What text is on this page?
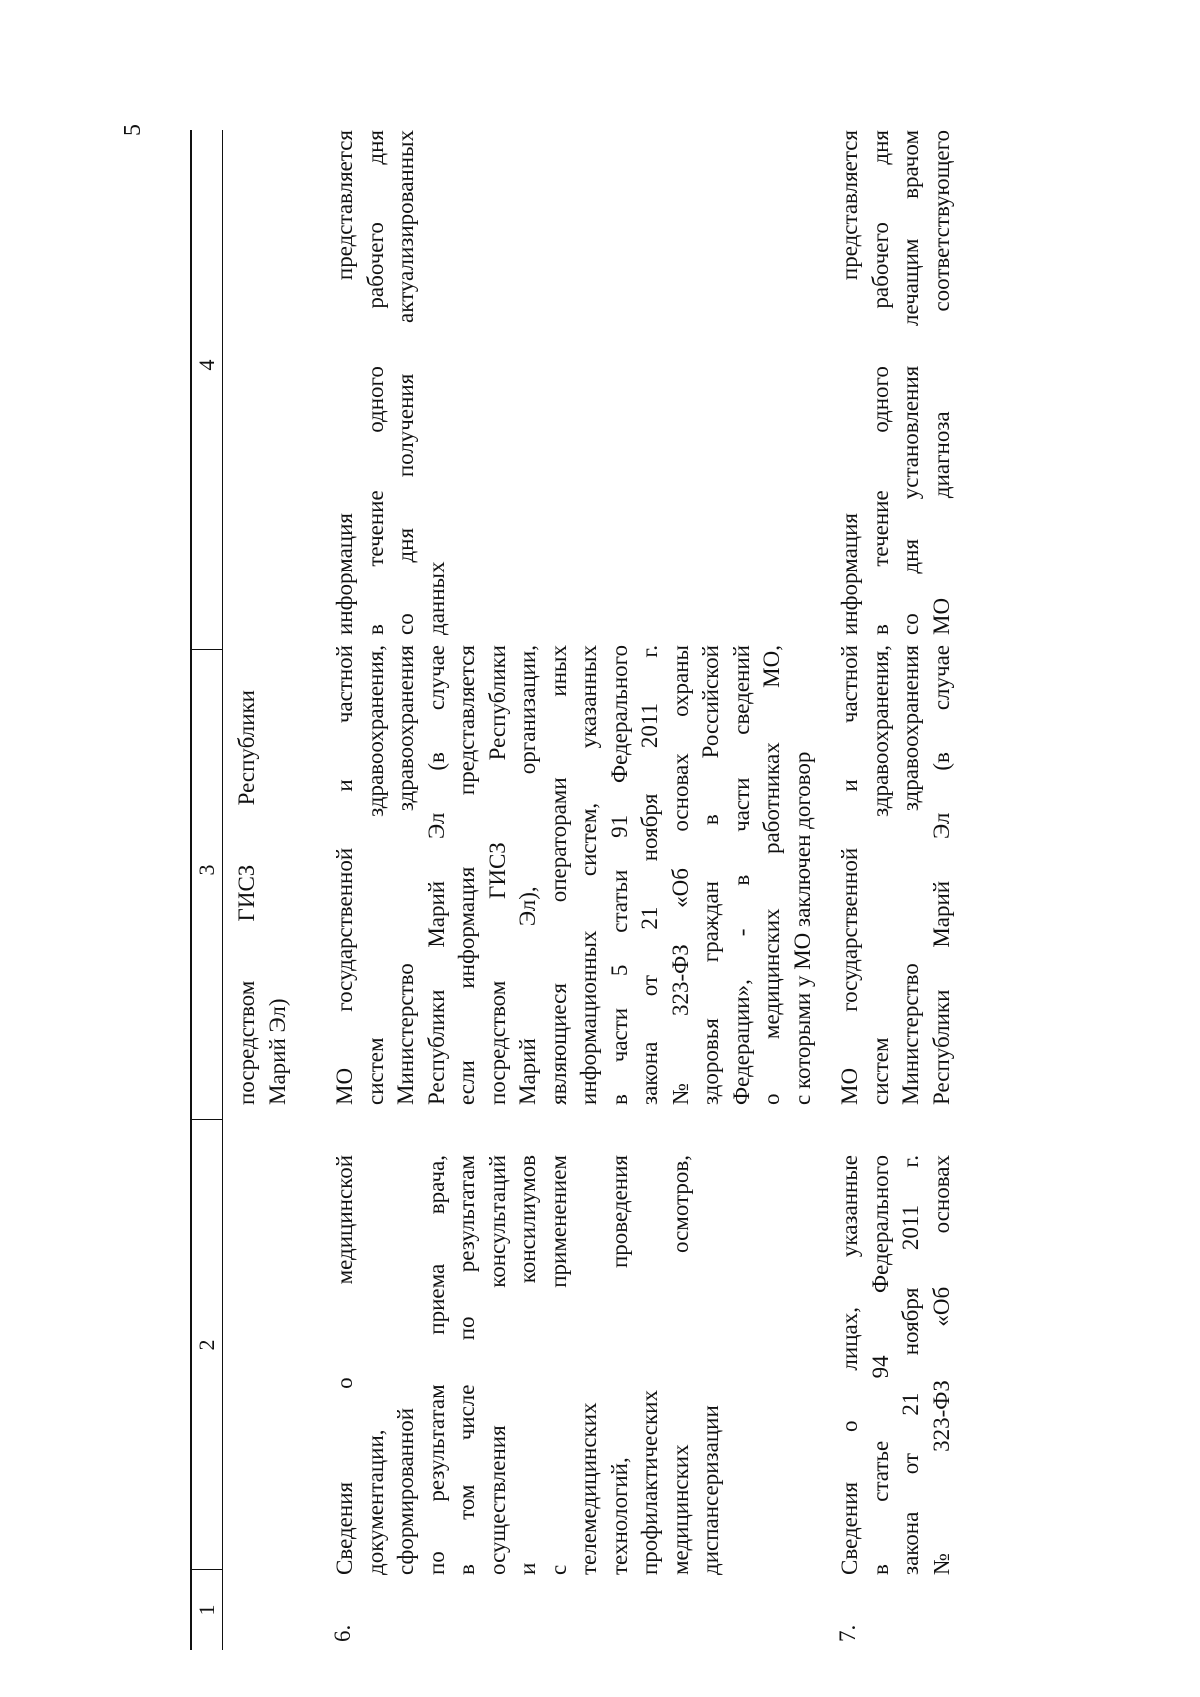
5
1
2
3
4
посредством ГИСЗ Республики Марий Эл)
6.
Сведения о медицинской документации, сформированной по результатам приема врача, в том числе по результатам осуществления консультаций и консилиумов с применением телемедицинских технологий, проведения профилактических медицинских осмотров, диспансеризации
МО государственной и частной систем здравоохранения, Министерство здравоохранения Республики Марий Эл (в случае если информация представляется посредством ГИСЗ Республики Марий Эл), организации, являющиеся операторами иных информационных систем, указанных в части 5 статьи 91 Федерального закона от 21 ноября 2011 г. № 323-ФЗ «Об основах охраны здоровья граждан в Российской Федерации», - в части сведений о медицинских работниках МО, с которыми у МО заключен договор
информация представляется в течение одного рабочего дня со дня получения актуализированных данных
7.
Сведения о лицах, указанные в статье 94 Федерального закона от 21 ноября 2011 г. № 323-ФЗ «Об основах
МО государственной и частной систем здравоохранения, Министерство здравоохранения Республики Марий Эл (в случае
информация представляется в течение одного рабочего дня со дня установления лечащим врачом МО диагноза соответствующего
